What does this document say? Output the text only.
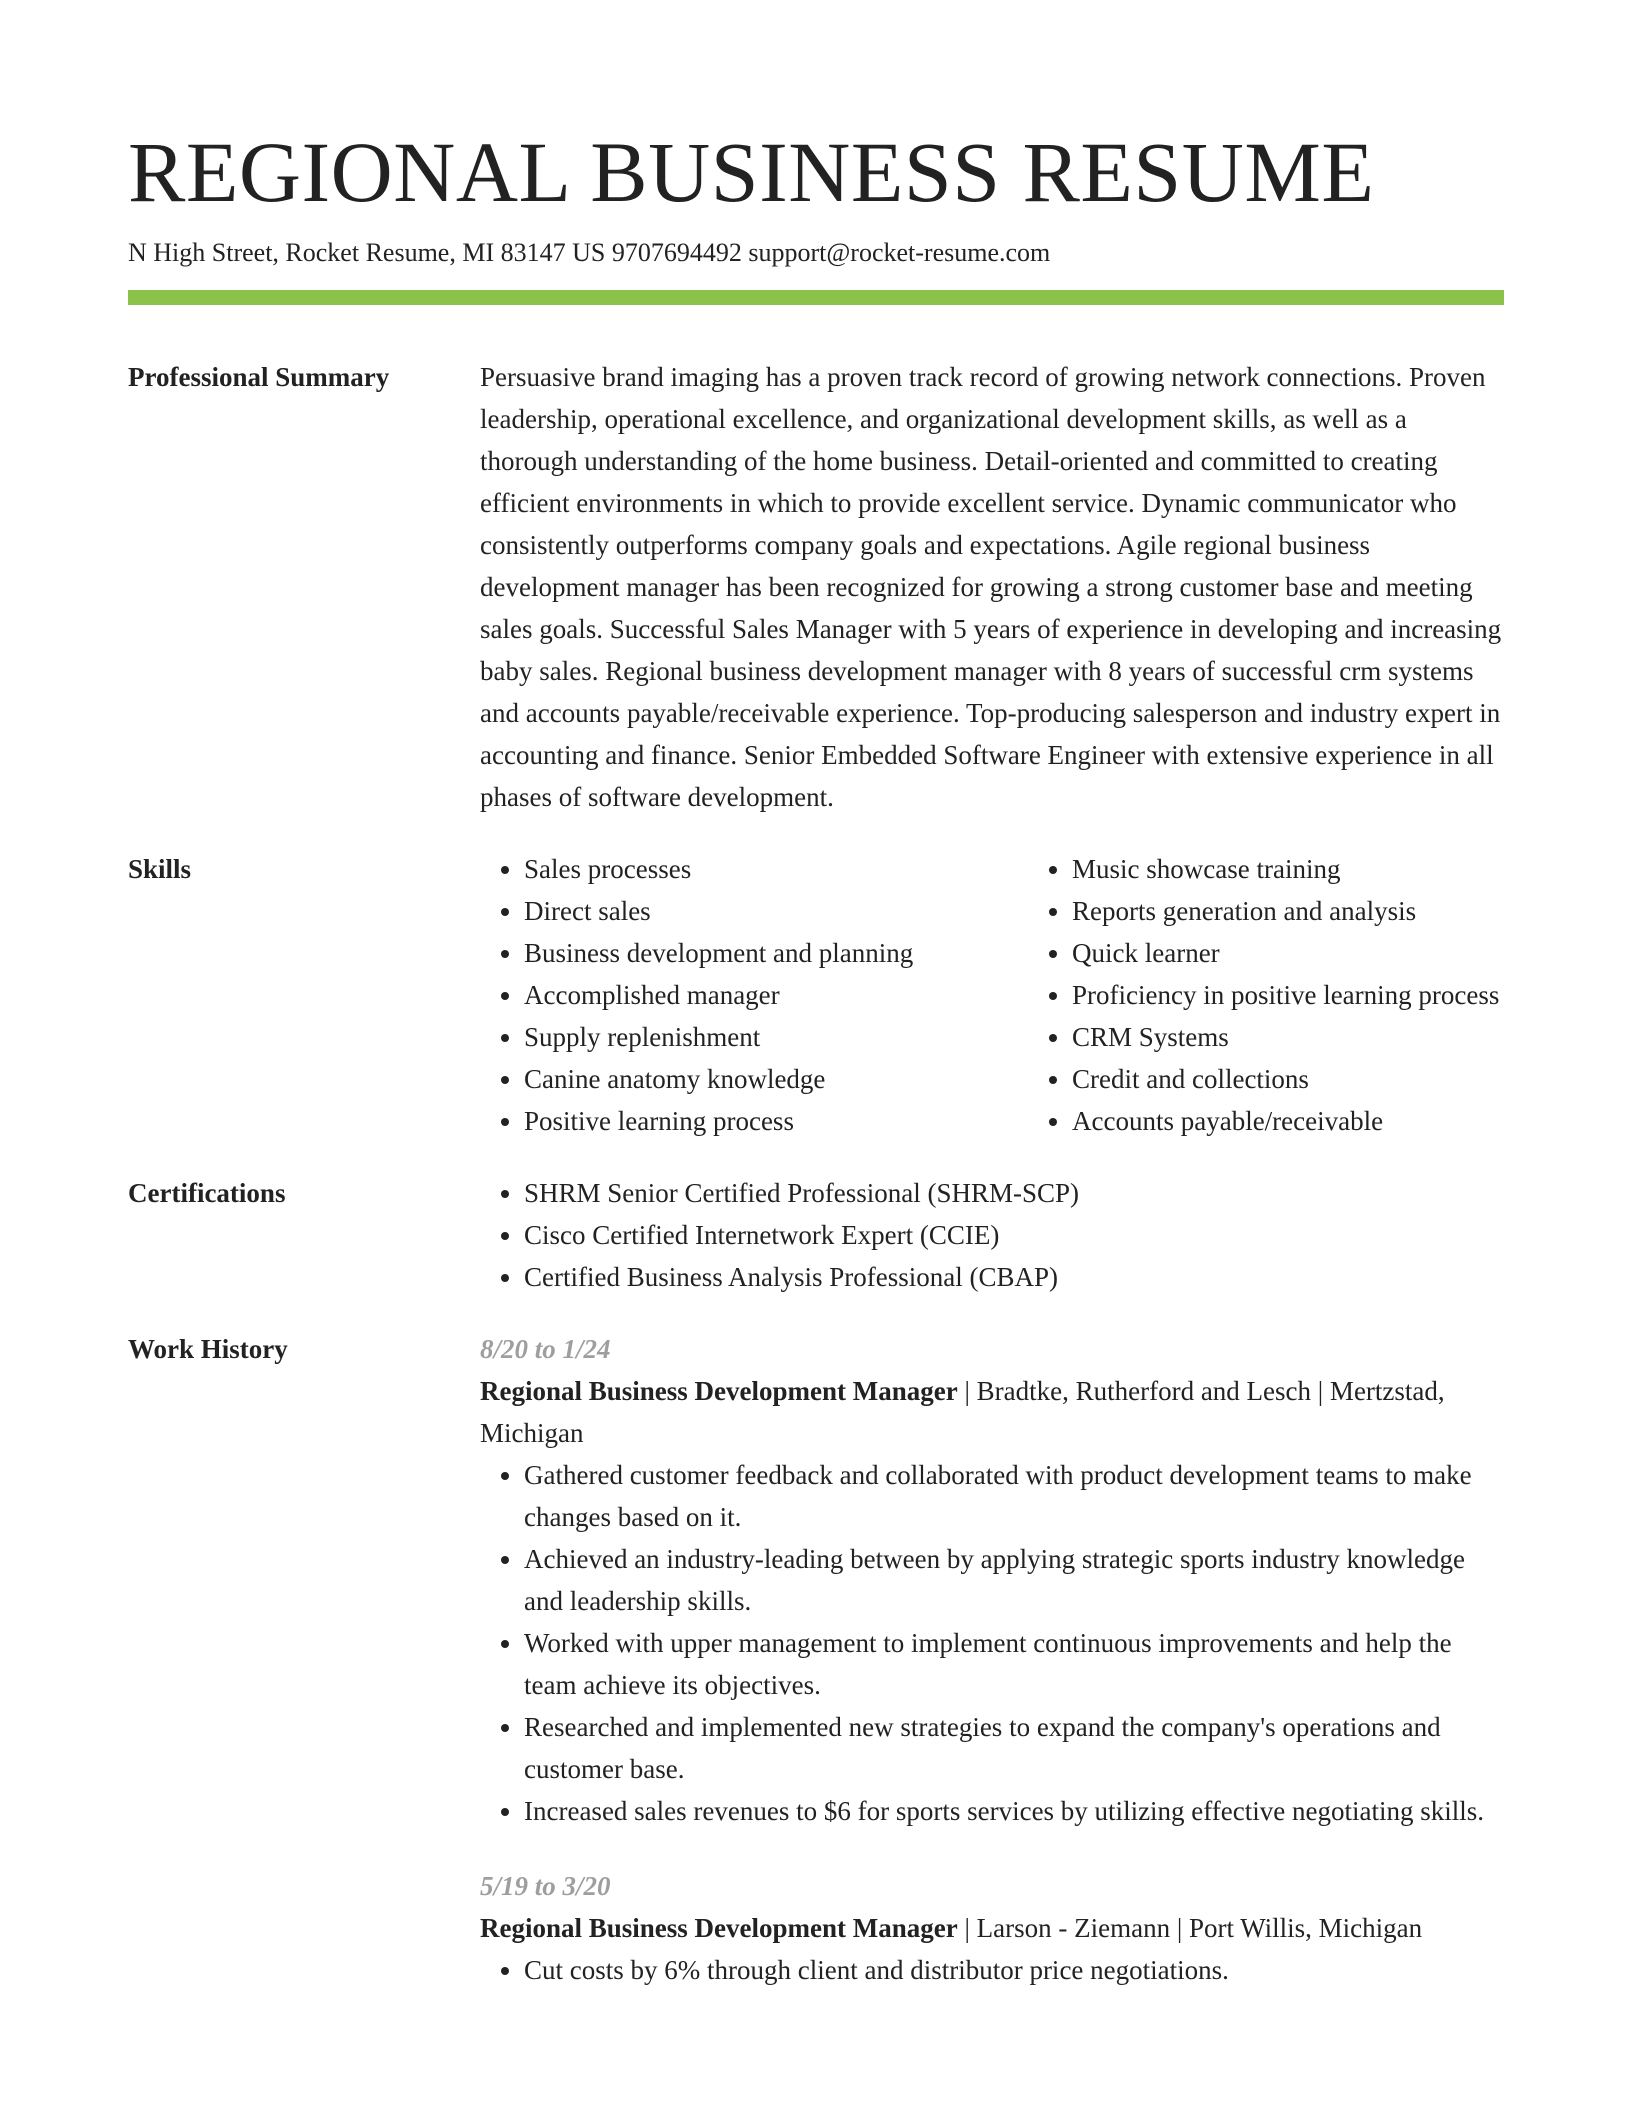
REGIONAL BUSINESS RESUME
N High Street, Rocket Resume, MI 83147 US 9707694492 support@rocket-resume.com
Professional Summary	Persuasive brand imaging has a proven track record of growing network connections. Proven leadership, operational excellence, and organizational development skills, as well as a thorough understanding of the home business. Detail-oriented and committed to creating efficient environments in which to provide excellent service. Dynamic communicator who consistently outperforms company goals and expectations. Agile regional business development manager has been recognized for growing a strong customer base and meeting sales goals. Successful Sales Manager with 5 years of experience in developing and increasing baby sales. Regional business development manager with 8 years of successful crm systems and accounts payable/receivable experience. Top-producing salesperson and industry expert in accounting and finance. Senior Embedded Software Engineer with extensive experience in all phases of software development.

Skills	• Sales processes
• Direct sales
• Business development and planning
• Accomplished manager
• Supply replenishment
• Canine anatomy knowledge
• Positive learning process
• Music showcase training
• Reports generation and analysis
• Quick learner
• Proficiency in positive learning process
• CRM Systems
• Credit and collections
• Accounts payable/receivable
Certifications	• SHRM Senior Certified Professional (SHRM-SCP)
• Cisco Certified Internetwork Expert (CCIE)
• Certified Business Analysis Professional (CBAP)
Work History	8/20 to 1/24
Regional Business Development Manager | Bradtke, Rutherford and Lesch | Mertzstad, Michigan
• Gathered customer feedback and collaborated with product development teams to make changes based on it.
• Achieved an industry-leading between by applying strategic sports industry knowledge and leadership skills.
• Worked with upper management to implement continuous improvements and help the team achieve its objectives.
• Researched and implemented new strategies to expand the company's operations and customer base.
• Increased sales revenues to $6 for sports services by utilizing effective negotiating skills.
5/19 to 3/20
Regional Business Development Manager | Larson - Ziemann | Port Willis, Michigan
• Cut costs by 6% through client and distributor price negotiations.
